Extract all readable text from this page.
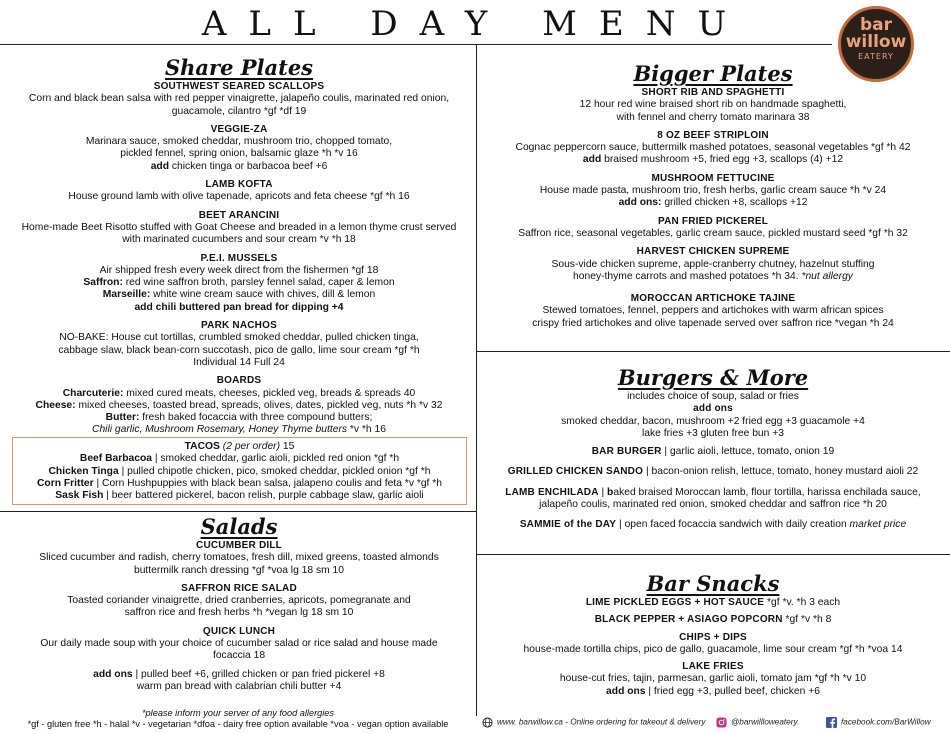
ALL DAY MENU	bar
willow
EATERY
Share Plates
SOUTHWEST SEARED SCALLOPS
Corn and black bean salsa with red pepper vinaigrette, jalapeño coulis, marinated red onion,
guacamole, cilantro *gf *df 19
VEGGIE-ZA
Marinara sauce, smoked cheddar, mushroom trio, chopped tomato,
pickled fennel, spring onion, balsamic glaze *h *v 16
add chicken tinga or barbacoa beef +6
LAMB KOFTA
House ground lamb with olive tapenade, apricots and feta cheese *gf *h 16
BEET ARANCINI
Home-made Beet Risotto stuffed with Goat Cheese and breaded in a lemon thyme crust served
with marinated cucumbers and sour cream *v *h 18
P.E.I. MUSSELS
Air shipped fresh every week direct from the fishermen *gf 18
Saffron: red wine saffron broth, parsley fennel salad, caper & lemon
Marseille: white wine cream sauce with chives, dill & lemon
add chili buttered pan bread for dipping +4
PARK NACHOS
NO-BAKE: House cut tortillas, crumbled smoked cheddar, pulled chicken tinga,
cabbage slaw, black bean-corn succotash, pico de gallo, lime sour cream *gf *h
Individual 14 Full 24
BOARDS
Charcuterie: mixed cured meats, cheeses, pickled veg, breads & spreads 40
Cheese: mixed cheeses, toasted bread, spreads, olives, dates, pickled veg, nuts *h *v 32
Butter: fresh baked focaccia with three compound butters;
Chili garlic, Mushroom Rosemary, Honey Thyme butters *v *h 16
TACOS (2 per order) 15
Beef Barbacoa | smoked cheddar, garlic aioli, pickled red onion *gf *h
Chicken Tinga | pulled chipotle chicken, pico, smoked cheddar, pickled onion *gf *h
Corn Fritter | Corn Hushpuppies with black bean salsa, jalapeno coulis and feta *v *gf *h
Sask Fish | beer battered pickerel, bacon relish, purple cabbage slaw, garlic aioli
Salads
CUCUMBER DILL
Sliced cucumber and radish, cherry tomatoes, fresh dill, mixed greens, toasted almonds
buttermilk ranch dressing *gf *voa lg 18 sm 10
SAFFRON RICE SALAD
Toasted coriander vinaigrette, dried cranberries, apricots, pomegranate and
saffron rice and fresh herbs *h *vegan lg 18 sm 10
QUICK LUNCH
Our daily made soup with your choice of cucumber salad or rice salad and house made
focaccia 18
add ons | pulled beef +6, grilled chicken or pan fried pickerel +8
warm pan bread with calabrian chili butter +4
*please inform your server of any food allergies
*gf - gluten free *h - halal *v - vegetarian *dfoa - dairy free option available *voa - vegan option available
Bigger Plates
SHORT RIB AND SPAGHETTI
12 hour red wine braised short rib on handmade spaghetti,
with fennel and cherry tomato marinara 38
8 OZ BEEF STRIPLOIN
Cognac peppercorn sauce, buttermilk mashed potatoes, seasonal vegetables *gf *h 42
add braised mushroom +5, fried egg +3, scallops (4) +12
MUSHROOM FETTUCINE
House made pasta, mushroom trio, fresh herbs, garlic cream sauce *h *v 24
add ons: grilled chicken +8, scallops +12
PAN FRIED PICKEREL
Saffron rice, seasonal vegetables, garlic cream sauce, pickled mustard seed *gf *h 32
HARVEST CHICKEN SUPREME
Sous-vide chicken supreme, apple-cranberry chutney, hazelnut stuffing
honey-thyme carrots and mashed potatoes *h 34. *nut allergy
MOROCCAN ARTICHOKE TAJINE
Stewed tomatoes, fennel, peppers and artichokes with warm african spices
crispy fried artichokes and olive tapenade served over saffron rice *vegan *h 24
Burgers & More
includes choice of soup, salad or fries
add ons
smoked cheddar, bacon, mushroom +2 fried egg +3 guacamole +4
lake fries +3 gluten free bun +3
BAR BURGER | garlic aioli, lettuce, tomato, onion 19
GRILLED CHICKEN SANDO | bacon-onion relish, lettuce, tomato, honey mustard aioli 22
LAMB ENCHILADA | baked braised Moroccan lamb, flour tortilla, harissa enchilada sauce,
jalapeño coulis, marinated red onion, smoked cheddar and saffron rice *h 20
SAMMIE of the DAY | open faced focaccia sandwich with daily creation market price
Bar Snacks
LIME PICKLED EGGS + HOT SAUCE *gf *v. *h 3 each
BLACK PEPPER + ASIAGO POPCORN *gf *v *h 8
CHIPS + DIPS
house-made tortilla chips, pico de gallo, guacamole, lime sour cream *gf *h *voa 14
LAKE FRIES
house-cut fries, tajin, parmesan, garlic aioli, tomato jam *gf *h *v 10
add ons | fried egg +3, pulled beef, chicken +6
www. barwillow.ca - Online ordering for takeout & delivery	@barwillloweatery.	facebook.com/BarWillow
